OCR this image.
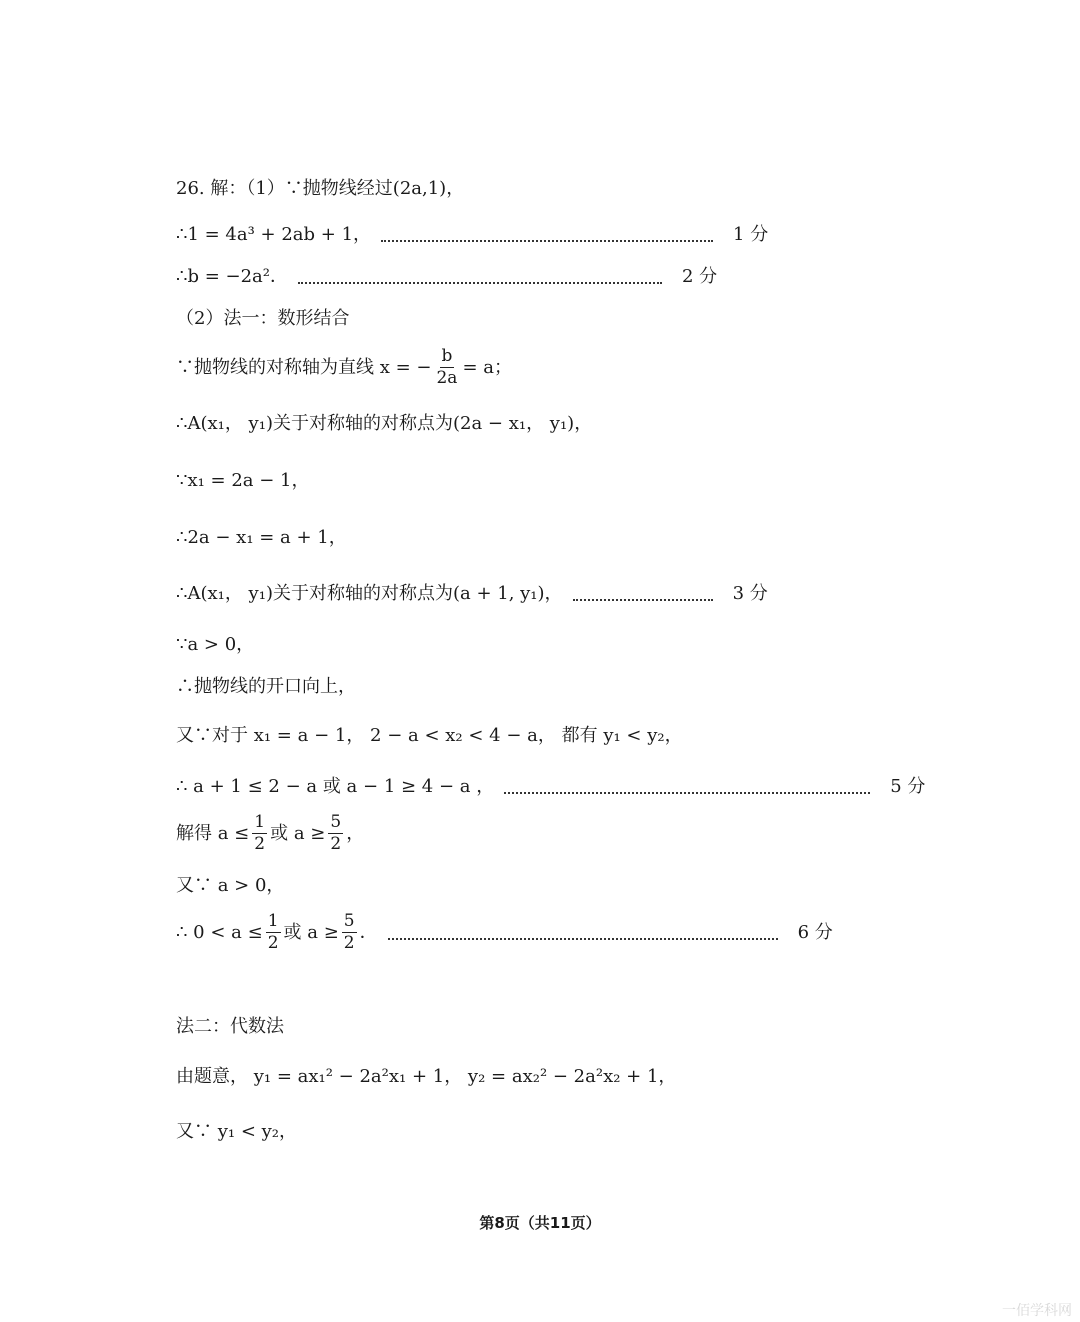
26. 解：（1）∵抛物线经过(2a,1)，
∴1 = 4a³ + 2ab + 1，	1 分
∴b = −2a²．	2 分
（2）法一：数形结合
∵抛物线的对称轴为直线 x = − $\frac{b}{2a} = a$；
∴A(x₁， y₁)关于对称轴的对称点为(2a − x₁， y₁)，
∵x₁ = 2a − 1，
∴2a − x₁ = a + 1，
∴A(x₁， y₁)关于对称轴的对称点为(a + 1, y₁)，	3 分
∵a > 0，
∴抛物线的开口向上，
又∵对于 x₁ = a − 1， 2 − a < x₂ < 4 − a， 都有 y₁ < y₂，
∴ a + 1 ≤ 2 − a 或 a − 1 ≥ 4 − a ，	5 分
解得 $a \le \frac{1}{2}$ 或 $a \ge \frac{5}{2}$ ，
又∵ a > 0，
∴ $0 < a \le \frac{1}{2}$ 或 $a \ge \frac{5}{2}$ ．	6 分
法二：代数法
由题意， y₁ = ax₁² − 2a²x₁ + 1， y₂ = ax₂² − 2a²x₂ + 1，
又∵ y₁ < y₂，
第8页（共11页）
一佰学科网
